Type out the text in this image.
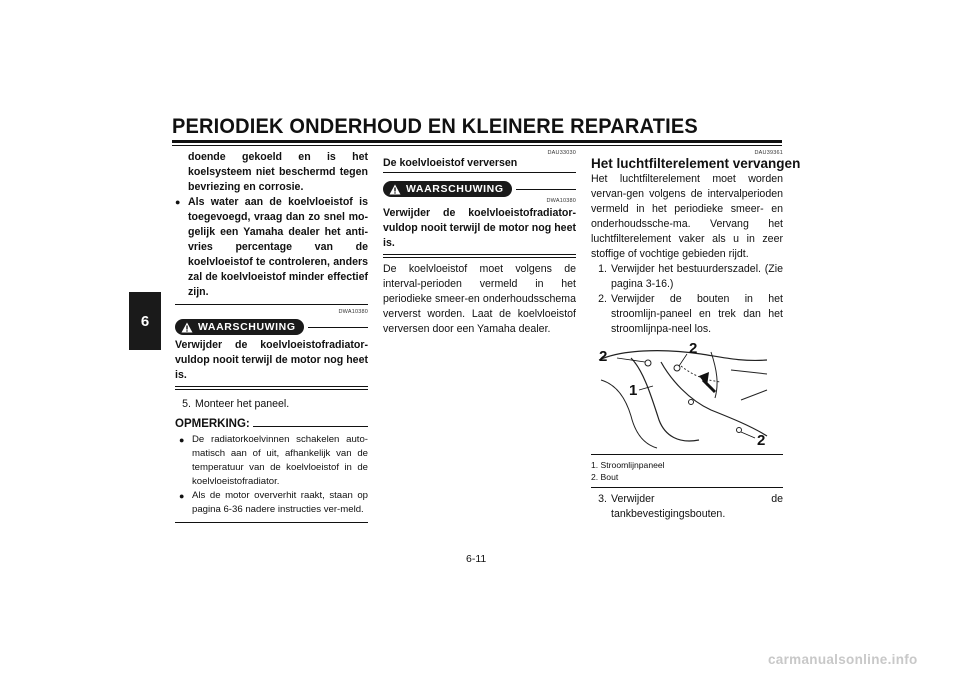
PERIODIEK ONDERHOUD EN KLEINERE REPARATIES
6
doende gekoeld en is het koelsysteem niet beschermd tegen bevriezing en corrosie.
● Als water aan de koelvloeistof is toegevoegd, vraag dan zo snel mo-gelijk een Yamaha dealer het anti-vries percentage van de koelvloeistof te controleren, anders zal de koelvloeistof minder effectief zijn.
DWA10380
WAARSCHUWING
Verwijder de koelvloeistofradiator-vuldop nooit terwijl de motor nog heet is.
5. Monteer het paneel.
OPMERKING:
● De radiatorkoelvinnen schakelen auto-matisch aan of uit, afhankelijk van de temperatuur van de koelvloeistof in de koelvloeistofradiator.
● Als de motor oververhit raakt, staan op pagina 6-36 nadere instructies ver-meld.
DAU33030
De koelvloeistof verversen
WAARSCHUWING
DWA10380
Verwijder de koelvloeistofradiator-vuldop nooit terwijl de motor nog heet is.
De koelvloeistof moet volgens de interval-perioden vermeld in het periodieke smeer-en onderhoudsschema ververst worden. Laat de koelvloeistof verversen door een Yamaha dealer.
DAU39361
Het luchtfilterelement vervangen
Het luchtfilterelement moet worden vervan-gen volgens de intervalperioden vermeld in het periodieke smeer- en onderhoudssche-ma. Vervang het luchtfilterelement vaker als u in zeer stoffige of vochtige gebieden rijdt.
1. Verwijder het bestuurderszadel. (Zie pagina 3-16.)
2. Verwijder de bouten in het stroomlijn-paneel en trek dan het stroomlijnpa-neel los.
2	2
1
2
1. Stroomlijnpaneel
2. Bout
3. Verwijder de tankbevestigingsbouten.
6-11
carmanualsonline.info
